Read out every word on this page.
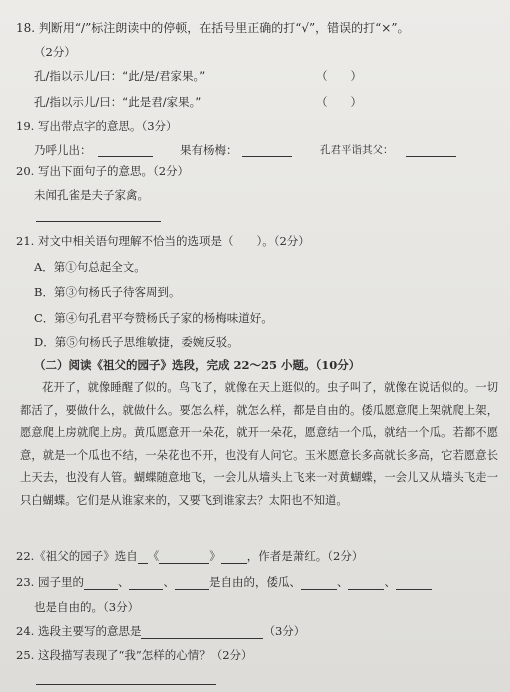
18. 判断用“/”标注朗读中的停顿，在括号里正确的打“√”，错误的打“×”。
（2分）
孔/指以示儿/曰：“此/是/君家果。”	（　　）
孔/指以示儿/曰：“此是君/家果。”	（　　）
19. 写出带点字的意思。（3分）
乃呼儿出：	果有杨梅：	孔君平诣其父：
20. 写出下面句子的意思。（2分）
未闻孔雀是夫子家禽。
21. 对文中相关语句理解不恰当的选项是（　　）。（2分）
A．第①句总起全文。
B．第③句杨氏子待客周到。
C．第④句孔君平夸赞杨氏子家的杨梅味道好。
D．第⑤句杨氏子思维敏捷，委婉反驳。
（二）阅读《祖父的园子》选段，完成 22～25 小题。（10分）
花开了，就像睡醒了似的。鸟飞了，就像在天上逛似的。虫子叫了，就像在说话似的。一切都活了，要做什么，就做什么。要怎么样，就怎么样，都是自由的。倭瓜愿意爬上架就爬上架，愿意爬上房就爬上房。黄瓜愿意开一朵花，就开一朵花，愿意结一个瓜，就结一个瓜。若都不愿意，就是一个瓜也不结，一朵花也不开，也没有人问它。玉米愿意长多高就长多高，它若愿意长上天去，也没有人管。蝴蝶随意地飞，一会儿从墙头上飞来一对黄蝴蝶，一会儿又从墙头飞走一只白蝴蝶。它们是从谁家来的，又要飞到谁家去？太阳也不知道。
22.《祖父的园子》选自 《	》 ，作者是萧红。（2分）
23. 园子里的	、	、	是自由的，倭瓜、	、	、
也是自由的。（3分）
24. 选段主要写的意思是	（3分）
25. 这段描写表现了“我”怎样的心情？（2分）
